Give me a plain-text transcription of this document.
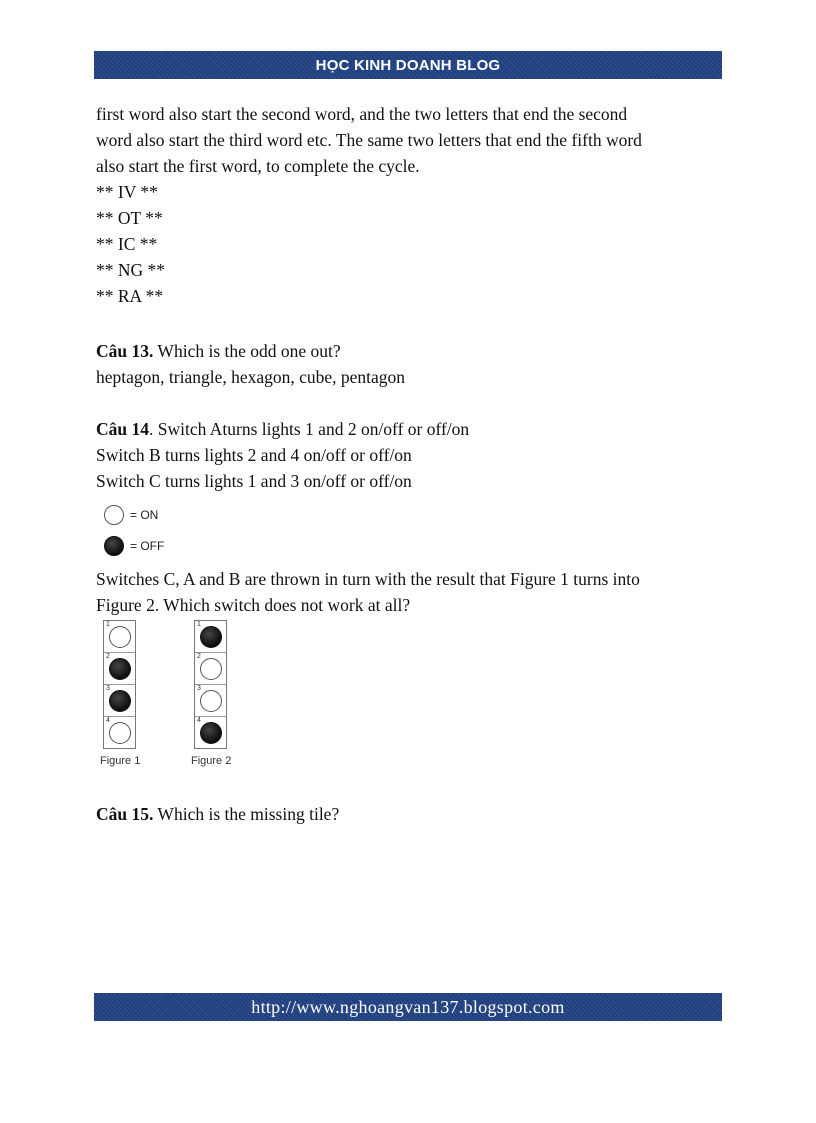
HỌC KINH DOANH BLOG
first word also start the second word, and the two letters that end the second
word also start the third word etc. The same two letters that end the fifth word
also start the first word, to complete the cycle.
** IV **
** OT **
** IC **
** NG **
** RA **
Câu 13. Which is the odd one out?
heptagon, triangle, hexagon, cube, pentagon
Câu 14. Switch Aturns lights 1 and 2 on/off or off/on
Switch B turns lights 2 and 4 on/off or off/on
Switch C turns lights 1 and 3 on/off or off/on
= ON
= OFF
Switches C, A and B are thrown in turn with the result that Figure 1 turns into
Figure 2. Which switch does not work at all?
1
2
3
4
Figure 1
1
2
3
4
Figure 2
Câu 15. Which is the missing tile?
http://www.nghoangvan137.blogspot.com
